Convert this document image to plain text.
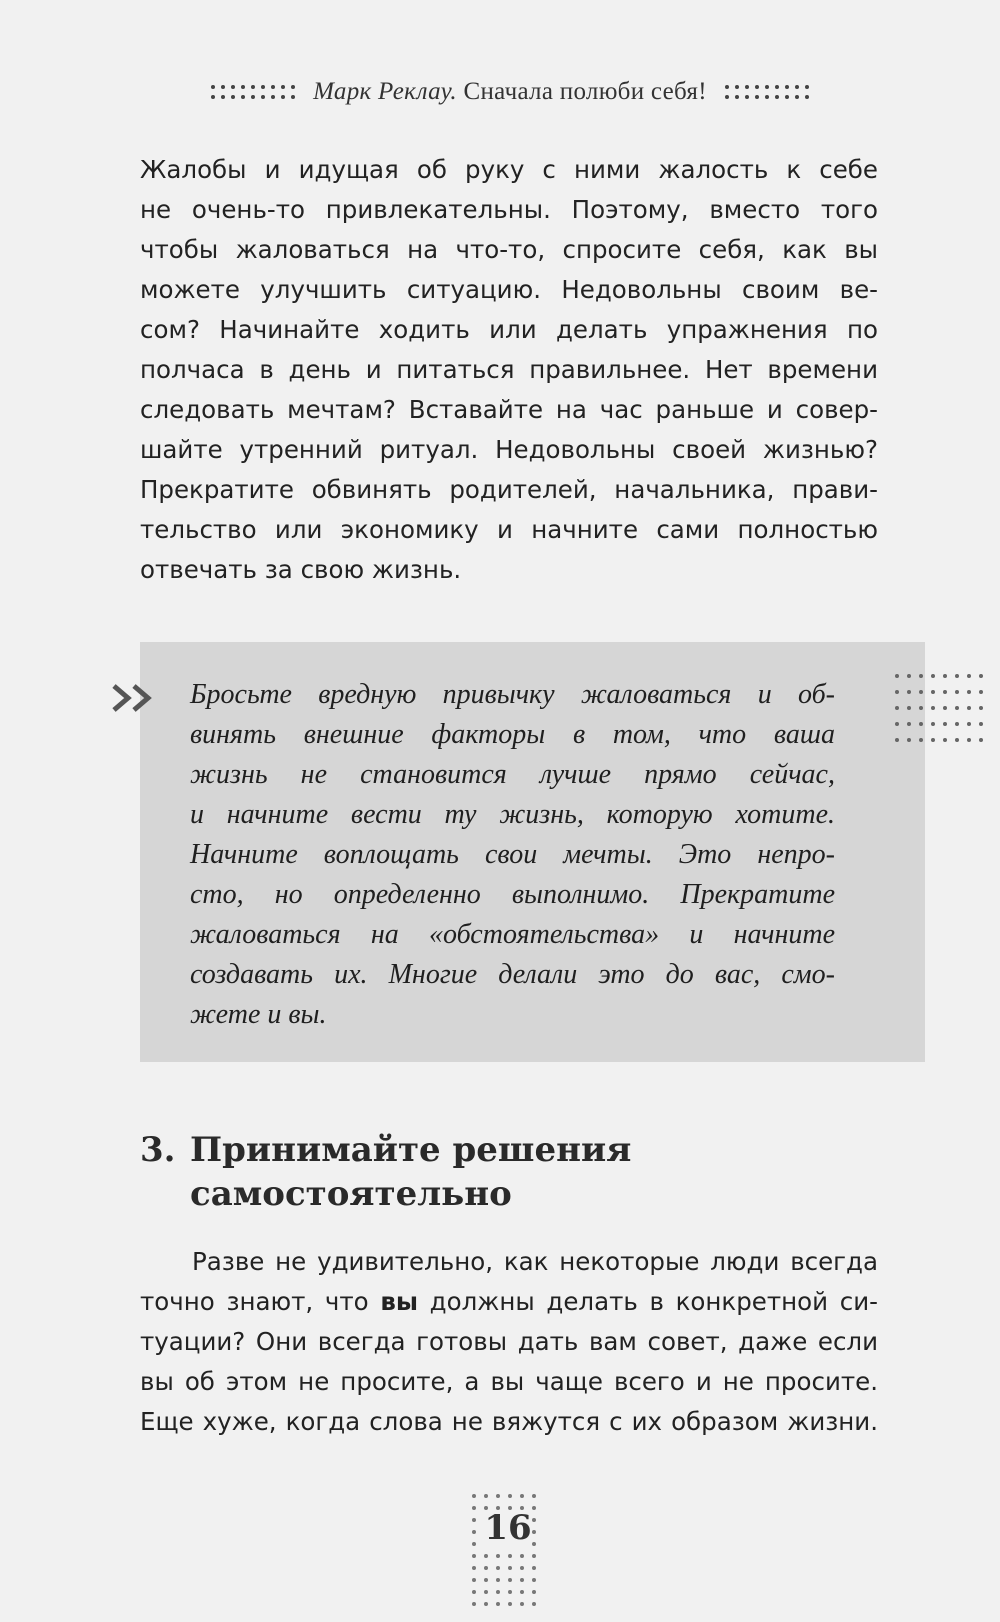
Марк Реклау. Сначала полюби себя!
Жалобы и идущая об руку с ними жалость к себе
не очень-то привлекательны. Поэтому, вместо того
чтобы жаловаться на что-то, спросите себя, как вы
можете улучшить ситуацию. Недовольны своим ве-
сом? Начинайте ходить или делать упражнения по
полчаса в день и питаться правильнее. Нет времени
следовать мечтам? Вставайте на час раньше и совер-
шайте утренний ритуал. Недовольны своей жизнью?
Прекратите обвинять родителей, начальника, прави-
тельство или экономику и начните сами полностью
отвечать за свою жизнь.
Бросьте вредную привычку жаловаться и об-
винять внешние факторы в том, что ваша
жизнь не становится лучше прямо сейчас,
и начните вести ту жизнь, которую хотите.
Начните воплощать свои мечты. Это непро-
сто, но определенно выполнимо. Прекратите
жаловаться на «обстоятельства» и начните
создавать их. Многие делали это до вас, смо-
жете и вы.
3. Принимайте решения
самостоятельно
Разве не удивительно, как некоторые люди всегда
точно знают, что вы должны делать в конкретной си-
туации? Они всегда готовы дать вам совет, даже если
вы об этом не просите, а вы чаще всего и не просите.
Еще хуже, когда слова не вяжутся с их образом жизни.
16
